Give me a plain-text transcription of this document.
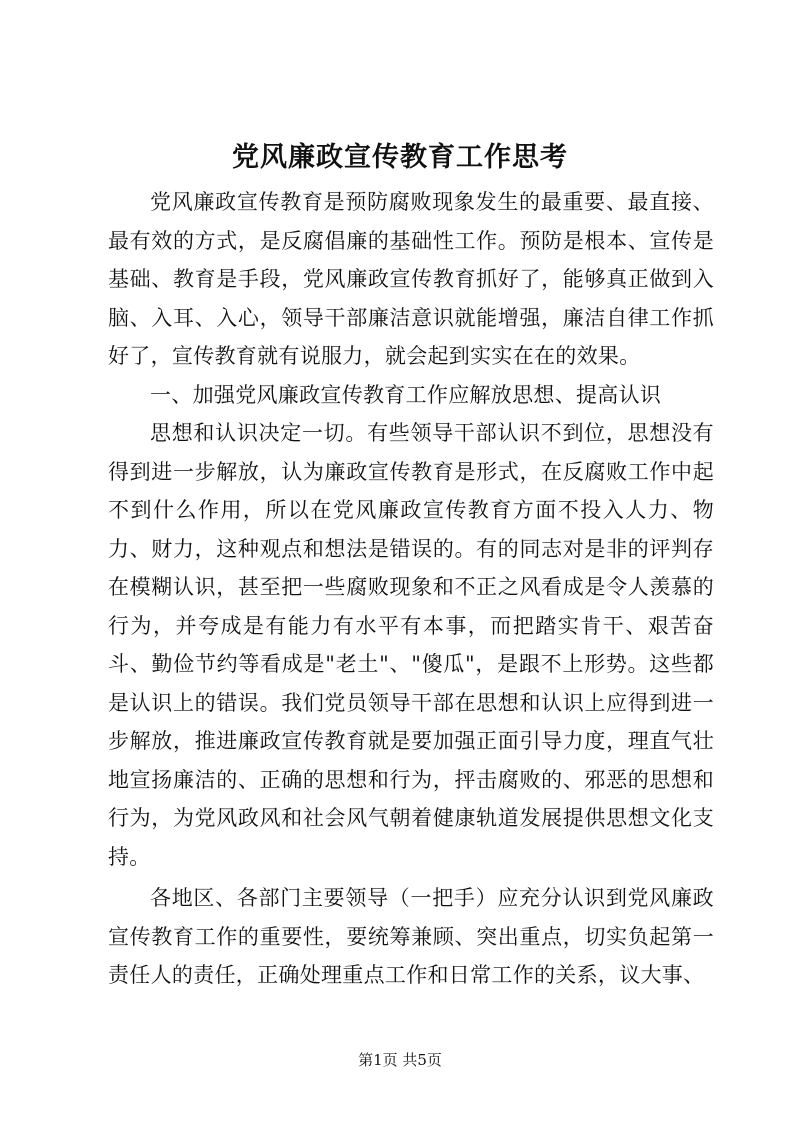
党风廉政宣传教育工作思考

党风廉政宣传教育是预防腐败现象发生的最重要、最直接、最有效的方式，是反腐倡廉的基础性工作。预防是根本、宣传是基础、教育是手段，党风廉政宣传教育抓好了，能够真正做到入脑、入耳、入心，领导干部廉洁意识就能增强，廉洁自律工作抓好了，宣传教育就有说服力，就会起到实实在在的效果。

一、加强党风廉政宣传教育工作应解放思想、提高认识

思想和认识决定一切。有些领导干部认识不到位，思想没有得到进一步解放，认为廉政宣传教育是形式，在反腐败工作中起不到什么作用，所以在党风廉政宣传教育方面不投入人力、物力、财力，这种观点和想法是错误的。有的同志对是非的评判存在模糊认识，甚至把一些腐败现象和不正之风看成是令人羡慕的行为，并夸成是有能力有水平有本事，而把踏实肯干、艰苦奋斗、勤俭节约等看成是"老土"、"傻瓜"，是跟不上形势。这些都是认识上的错误。我们党员领导干部在思想和认识上应得到进一步解放，推进廉政宣传教育就是要加强正面引导力度，理直气壮地宣扬廉洁的、正确的思想和行为，抨击腐败的、邪恶的思想和行为，为党风政风和社会风气朝着健康轨道发展提供思想文化支持。

各地区、各部门主要领导（一把手）应充分认识到党风廉政宣传教育工作的重要性，要统筹兼顾、突出重点，切实负起第一责任人的责任，正确处理重点工作和日常工作的关系，议大事、

第1页 共5页
